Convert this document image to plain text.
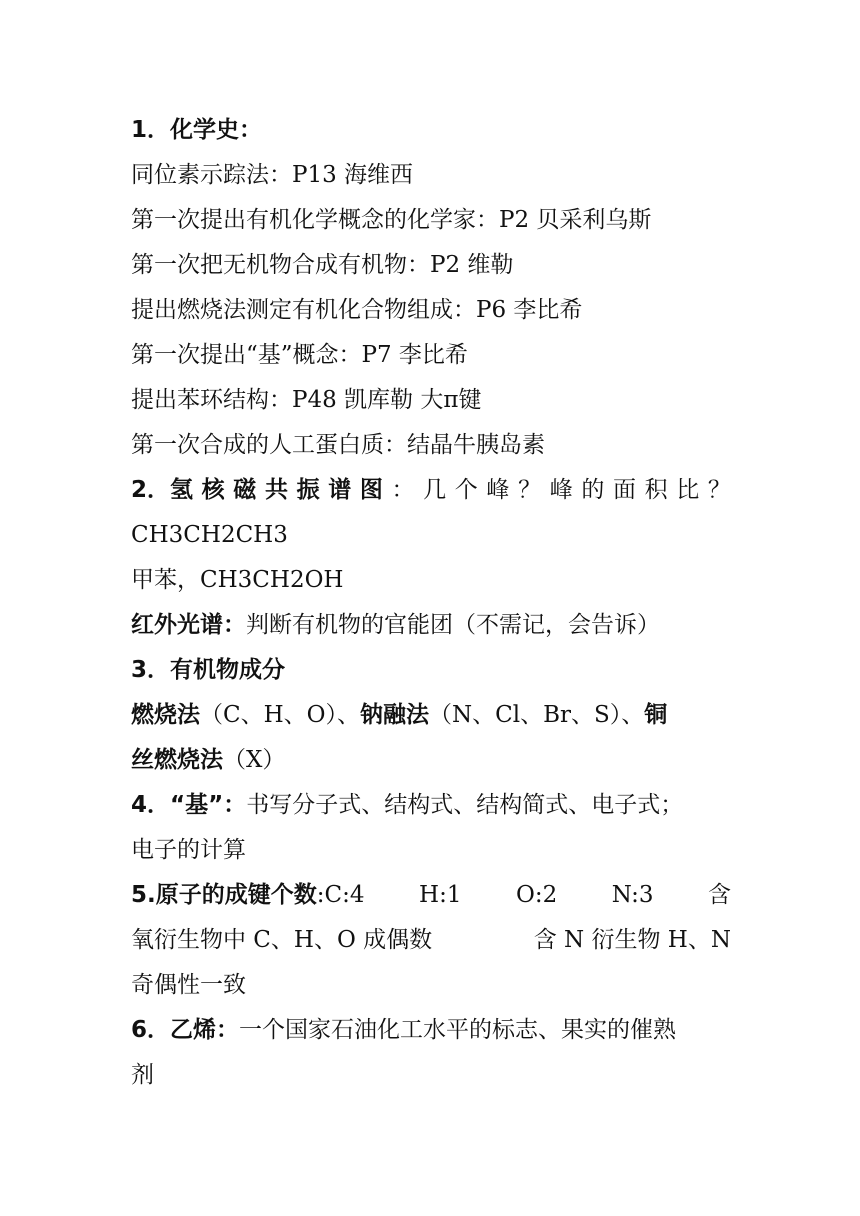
1．化学史：
同位素示踪法：P13 海维西
第一次提出有机化学概念的化学家：P2 贝采利乌斯
第一次把无机物合成有机物：P2 维勒
提出燃烧法测定有机化合物组成：P6 李比希
第一次提出“基”概念：P7 李比希
提出苯环结构：P48 凯库勒 大π键
第一次合成的人工蛋白质：结晶牛胰岛素
2．氢 核 磁 共 振 谱 图 ： 几 个 峰 ？ 峰 的 面 积 比 ？
CH3CH2CH3
甲苯，CH3CH2OH
红外光谱：判断有机物的官能团（不需记，会告诉）
3．有机物成分
燃烧法（C、H、O）、钠融法（N、Cl、Br、S）、铜
丝燃烧法（X）
4．“基”：书写分子式、结构式、结构简式、电子式；
电子的计算
5.原子的成键个数:C:4 H:1 O:2 N:3 含
氧衍生物中 C、H、O 成偶数	含 N 衍生物 H、N
奇偶性一致
6．乙烯：一个国家石油化工水平的标志、果实的催熟
剂
